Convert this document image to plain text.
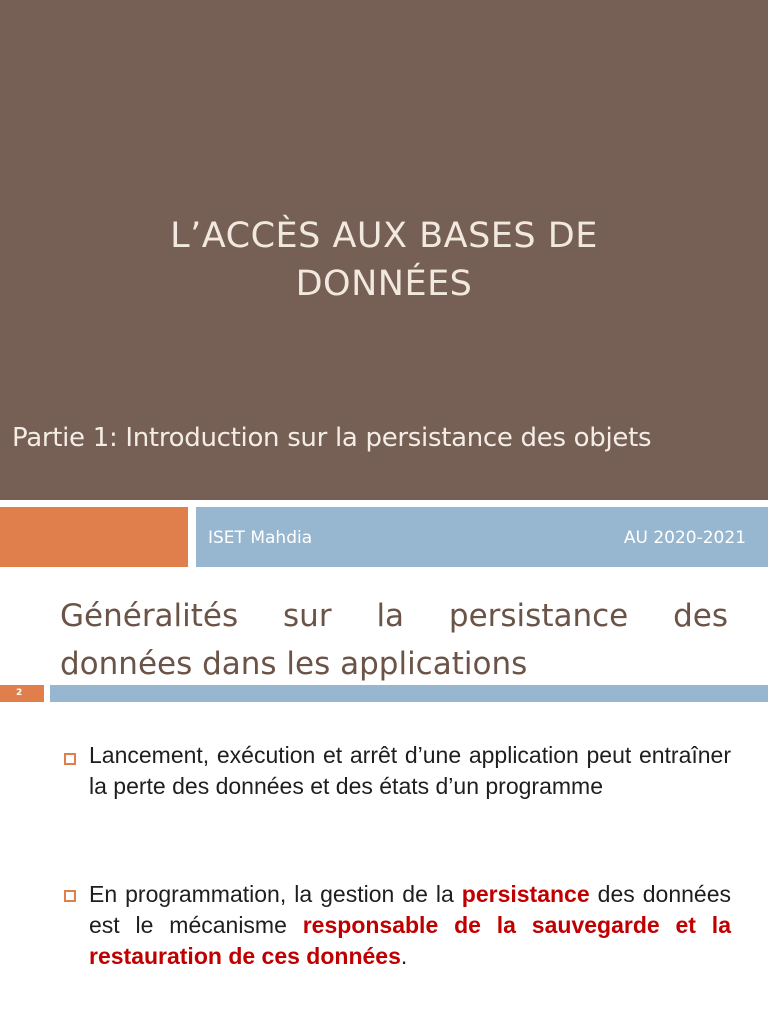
L’ACCÈS AUX BASES DE
DONNÉES
Partie 1: Introduction sur la persistance des objets
ISET Mahdia	AU 2020-2021
Généralités sur la persistance des
données dans les applications
2
Lancement, exécution et arrêt d’une application peut entraîner la perte des données et des états d’un programme
En programmation, la gestion de la persistance des données est le mécanisme responsable de la sauvegarde et la restauration de ces données.
